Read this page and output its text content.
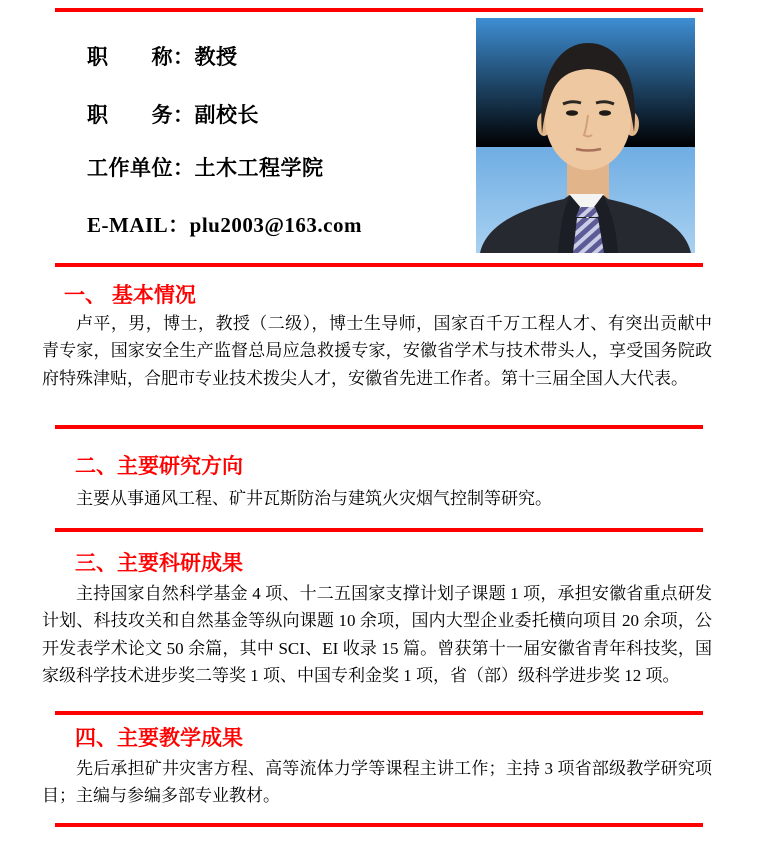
职　　称：教授
职　　务：副校长
工作单位：土木工程学院
E-MAIL：plu2003@163.com
一、 基本情况
卢平，男，博士，教授（二级），博士生导师，国家百千万工程人才、有突出贡献中青专家，国家安全生产监督总局应急救援专家，安徽省学术与技术带头人，享受国务院政府特殊津贴，合肥市专业技术拨尖人才，安徽省先进工作者。第十三届全国人大代表。
二、主要研究方向
主要从事通风工程、矿井瓦斯防治与建筑火灾烟气控制等研究。
三、主要科研成果
主持国家自然科学基金 4 项、十二五国家支撑计划子课题 1 项，承担安徽省重点研发计划、科技攻关和自然基金等纵向课题 10 余项，国内大型企业委托横向项目 20 余项，公开发表学术论文 50 余篇，其中 SCI、EI 收录 15 篇。曾获第十一届安徽省青年科技奖，国家级科学技术进步奖二等奖 1 项、中国专利金奖 1 项，省（部）级科学进步奖 12 项。
四、主要教学成果
先后承担矿井灾害方程、高等流体力学等课程主讲工作；主持 3 项省部级教学研究项目；主编与参编多部专业教材。
